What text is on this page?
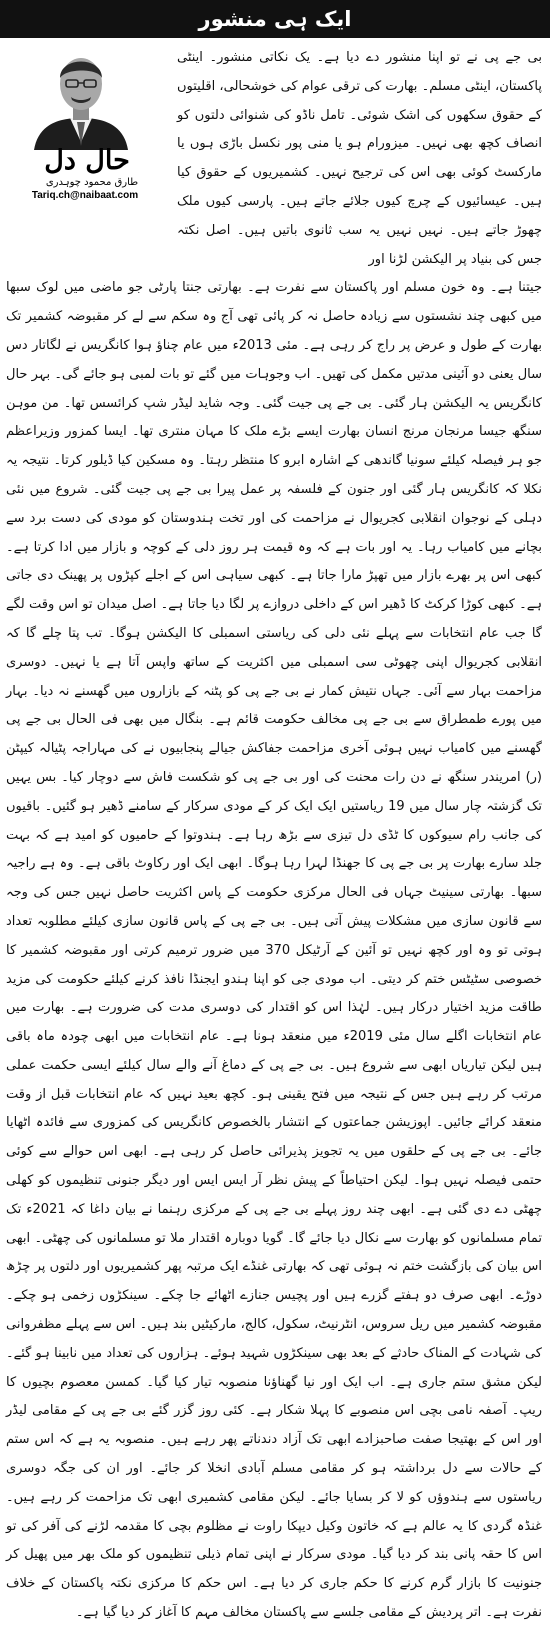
ایک ہی منشور
حال دل
طارق محمود چوہدری
Tariq.ch@naibaat.com

بی جے پی نے تو اپنا منشور دے دیا ہے۔ یک نکاتی منشور۔ اینٹی پاکستان، اینٹی مسلم۔ بھارت کی ترقی عوام کی خوشحالی، اقلیتوں کے حقوق سکھوں کی اشک شوئی۔ تامل ناڈو کی شنوائی دلتوں کو انصاف کچھ بھی نہیں۔ میزورام ہو یا منی پور نکسل باڑی ہوں یا مارکسٹ کوئی بھی اس کی ترجیح نہیں۔ کشمیریوں کے حقوق کیا ہیں۔ عیسائیوں کے چرچ کیوں جلائے جاتے ہیں۔ پارسی کیوں ملک چھوڑ جاتے ہیں۔ نہیں نہیں یہ سب ثانوی باتیں ہیں۔ اصل نکتہ جس کی بنیاد پر الیکشن لڑنا اور

جیتنا ہے۔ وہ خون مسلم اور پاکستان سے نفرت ہے۔ بھارتی جنتا پارٹی جو ماضی میں لوک سبھا میں کبھی چند نشستوں سے زیادہ حاصل نہ کر پائی تھی آج وہ سکم سے لے کر مقبوضہ کشمیر تک بھارت کے طول و عرض پر راج کر رہی ہے۔ مئی 2013ء میں عام چناؤ ہوا کانگریس نے لگاتار دس سال یعنی دو آئینی مدتیں مکمل کی تھیں۔ اب وجوہات میں گئے تو بات لمبی ہو جائے گی۔ بہر حال کانگریس یہ الیکشن ہار گئی۔ بی جے پی جیت گئی۔ وجہ شاید لیڈر شپ کرائسس تھا۔ من موہن سنگھ جیسا مرنجان مرنج انسان بھارت ایسے بڑے ملک کا مہان منتری تھا۔ ایسا کمزور وزیراعظم جو ہر فیصلہ کیلئے سونیا گاندھی کے اشارہ ابرو کا منتظر رہتا۔ وہ مسکین کیا ڈیلور کرتا۔ نتیجہ یہ نکلا کہ کانگریس ہار گئی اور جنون کے فلسفہ پر عمل پیرا بی جے پی جیت گئی۔ شروع میں نئی دہلی کے نوجوان انقلابی کجریوال نے مزاحمت کی اور تخت ہندوستان کو مودی کی دست برد سے بچانے میں کامیاب رہا۔ یہ اور بات ہے کہ وہ قیمت ہر روز دلی کے کوچہ و بازار میں ادا کرتا ہے۔ کبھی اس پر بھرے بازار میں تھپڑ مارا جاتا ہے۔ کبھی سیاہی اس کے اجلے کپڑوں پر پھینک دی جاتی ہے۔ کبھی کوڑا کرکٹ کا ڈھیر اس کے داخلی دروازے پر لگا دیا جاتا ہے۔ اصل میدان تو اس وقت لگے گا جب عام انتخابات سے پہلے نئی دلی کی ریاستی اسمبلی کا الیکشن ہوگا۔ تب پتا چلے گا کہ انقلابی کجریوال اپنی چھوٹی سی اسمبلی میں اکثریت کے ساتھ واپس آتا ہے یا نہیں۔ دوسری مزاحمت بہار سے آئی۔ جہاں نتیش کمار نے بی جے پی کو پٹنہ کے بازاروں میں گھسنے نہ دیا۔ بہار میں پورے طمطراق سے بی جے پی مخالف حکومت قائم ہے۔ بنگال میں بھی فی الحال بی جے پی گھسنے میں کامیاب نہیں ہوئی آخری مزاحمت جفاکش جیالے پنجابیوں نے کی مہاراجہ پٹیالہ کیپٹن (ر) امریندر سنگھ نے دن رات محنت کی اور بی جے پی کو شکست فاش سے دوچار کیا۔ بس یہیں تک گزشتہ چار سال میں 19 ریاستیں ایک ایک کر کے مودی سرکار کے سامنے ڈھیر ہو گئیں۔ باقیوں کی جانب رام سیوکوں کا ٹڈی دل تیزی سے بڑھ رہا ہے۔ ہندوتوا کے حامیوں کو امید ہے کہ بہت جلد سارے بھارت پر بی جے پی کا جھنڈا لہرا رہا ہوگا۔ ابھی ایک اور رکاوٹ باقی ہے۔ وہ ہے راجیہ سبھا۔ بھارتی سینیٹ جہاں فی الحال مرکزی حکومت کے پاس اکثریت حاصل نہیں جس کی وجہ سے قانون سازی میں مشکلات پیش آتی ہیں۔ بی جے پی کے پاس قانون سازی کیلئے مطلوبہ تعداد ہوتی تو وہ اور کچھ نہیں تو آئین کے آرٹیکل 370 میں ضرور ترمیم کرتی اور مقبوضہ کشمیر کا خصوصی سٹیٹس ختم کر دیتی۔ اب مودی جی کو اپنا ہندو ایجنڈا نافذ کرنے کیلئے حکومت کی مزید طاقت مزید اختیار درکار ہیں۔ لہٰذا اس کو اقتدار کی دوسری مدت کی ضرورت ہے۔ بھارت میں عام انتخابات اگلے سال مئی 2019ء میں منعقد ہونا ہے۔ عام انتخابات میں ابھی چودہ ماہ باقی ہیں لیکن تیاریاں ابھی سے شروع ہیں۔ بی جے پی کے دماغ آنے والے سال کیلئے ایسی حکمت عملی مرتب کر رہے ہیں جس کے نتیجہ میں فتح یقینی ہو۔ کچھ بعید نہیں کہ عام انتخابات قبل از وقت منعقد کرائے جائیں۔ اپوزیشن جماعتوں کے انتشار بالخصوص کانگریس کی کمزوری سے فائدہ اٹھایا جائے۔ بی جے پی کے حلقوں میں یہ تجویز پذیرائی حاصل کر رہی ہے۔ ابھی اس حوالے سے کوئی حتمی فیصلہ نہیں ہوا۔ لیکن احتیاطاً کے پیش نظر آر ایس ایس اور دیگر جنونی تنظیموں کو کھلی چھٹی دے دی گئی ہے۔ ابھی چند روز پہلے بی جے پی کے مرکزی رہنما نے بیان داغا کہ 2021ء تک تمام مسلمانوں کو بھارت سے نکال دیا جائے گا۔ گویا دوبارہ اقتدار ملا تو مسلمانوں کی چھٹی۔ ابھی اس بیان کی بازگشت ختم نہ ہوئی تھی کہ بھارتی غنڈے ایک مرتبہ پھر کشمیریوں اور دلتوں پر چڑھ دوڑے۔ ابھی صرف دو ہفتے گزرے ہیں اور پچیس جنازے اٹھائے جا چکے۔ سینکڑوں زخمی ہو چکے۔ مقبوضہ کشمیر میں ریل سروس، انٹرنیٹ، سکول، کالج، مارکیٹیں بند ہیں۔ اس سے پہلے مظفروانی کی شہادت کے المناک حادثے کے بعد بھی سینکڑوں شہید ہوئے۔ ہزاروں کی تعداد میں نابینا ہو گئے۔ لیکن مشق ستم جاری ہے۔ اب ایک اور نیا گھناؤنا منصوبہ تیار کیا گیا۔ کمسن معصوم بچیوں کا ریپ۔ آصفہ نامی بچی اس منصوبے کا پہلا شکار ہے۔ کئی روز گزر گئے بی جے پی کے مقامی لیڈر اور اس کے بھتیجا صفت صاحبزادے ابھی تک آزاد دندناتے پھر رہے ہیں۔ منصوبہ یہ ہے کہ اس ستم کے حالات سے دل برداشتہ ہو کر مقامی مسلم آبادی انخلا کر جائے۔ اور ان کی جگہ دوسری ریاستوں سے ہندوؤں کو لا کر بسایا جائے۔ لیکن مقامی کشمیری ابھی تک مزاحمت کر رہے ہیں۔ غنڈہ گردی کا یہ عالم ہے کہ خاتون وکیل دیپکا راوت نے مظلوم بچی کا مقدمہ لڑنے کی آفر کی تو اس کا حقہ پانی بند کر دیا گیا۔ مودی سرکار نے اپنی تمام ذیلی تنظیموں کو ملک بھر میں پھیل کر جنونیت کا بازار گرم کرنے کا حکم جاری کر دیا ہے۔ اس حکم کا مرکزی نکتہ پاکستان کے خلاف نفرت ہے۔ اتر پردیش کے مقامی جلسے سے پاکستان مخالف مہم کا آغاز کر دیا گیا ہے۔
